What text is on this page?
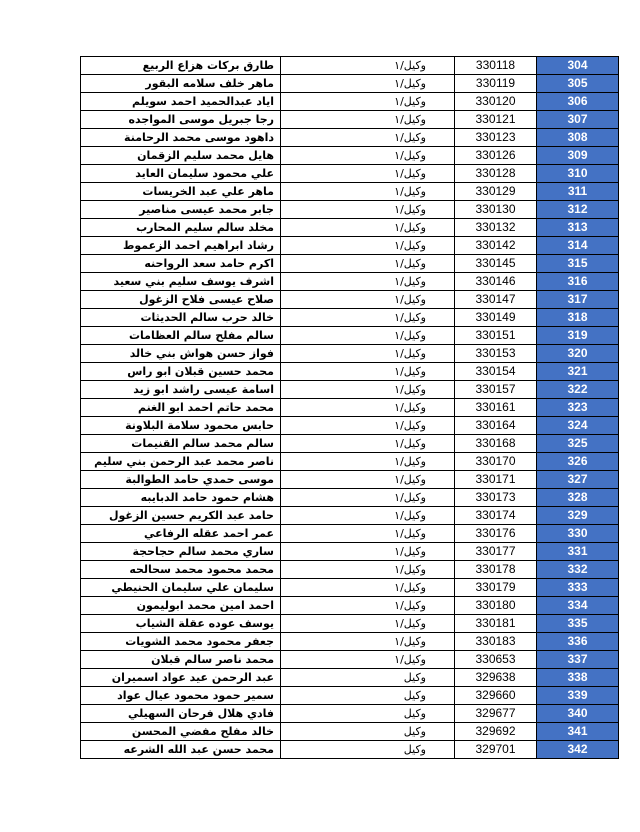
طارق بركات هزاع الربيع	وكيل/١	330118	304
ماهر خلف سلامه البقور	وكيل/١	330119	305
اياد عبدالحميد احمد سويلم	وكيل/١	330120	306
رجا جبريل موسى المواجده	وكيل/١	330121	307
داهود موسى محمد الرحامنة	وكيل/١	330123	308
هايل محمد سليم الزقمان	وكيل/١	330126	309
علي محمود سليمان العايد	وكيل/١	330128	310
ماهر علي عبد الخريسات	وكيل/١	330129	311
جابر محمد عيسى مناصير	وكيل/١	330130	312
مخلد سالم سليم المحارب	وكيل/١	330132	313
رشاد ابراهيم احمد الزعموط	وكيل/١	330142	314
اكرم حامد سعد الرواحنه	وكيل/١	330145	315
اشرف يوسف سليم بني سعيد	وكيل/١	330146	316
صلاح عيسى فلاح الزغول	وكيل/١	330147	317
خالد حرب سالم الحديثات	وكيل/١	330149	318
سالم مفلح سالم العظامات	وكيل/١	330151	319
فواز حسن هواش بني خالد	وكيل/١	330153	320
محمد حسين قبلان ابو راس	وكيل/١	330154	321
اسامة عيسى راشد ابو زيد	وكيل/١	330157	322
محمد حاتم احمد ابو الغنم	وكيل/١	330161	323
حابس محمود سلامة البلاونة	وكيل/١	330164	324
سالم محمد سالم القنيمات	وكيل/١	330168	325
ناصر محمد عبد الرحمن بني سليم	وكيل/١	330170	326
موسى حمدي حامد الطوالبة	وكيل/١	330171	327
هشام حمود حامد الدبايبه	وكيل/١	330173	328
حامد عبد الكريم حسين الزغول	وكيل/١	330174	329
عمر احمد عقله الرفاعي	وكيل/١	330176	330
ساري محمد سالم حجاحجة	وكيل/١	330177	331
محمد محمود محمد سحالحه	وكيل/١	330178	332
سليمان علي سليمان الحنيطي	وكيل/١	330179	333
احمد امين محمد ابوليمون	وكيل/١	330180	334
يوسف عوده عقلة الشياب	وكيل/١	330181	335
جعفر محمود محمد الشويات	وكيل/١	330183	336
محمد ناصر سالم قبلان	وكيل/١	330653	337
عبد الرحمن عيد عواد اسميران	وكيل	329638	338
سمير حمود محمود عيال عواد	وكيل	329660	339
فادي هلال فرحان السهيلي	وكيل	329677	340
خالد مفلح مفضي المحسن	وكيل	329692	341
محمد حسن عبد الله الشرعه	وكيل	329701	342
